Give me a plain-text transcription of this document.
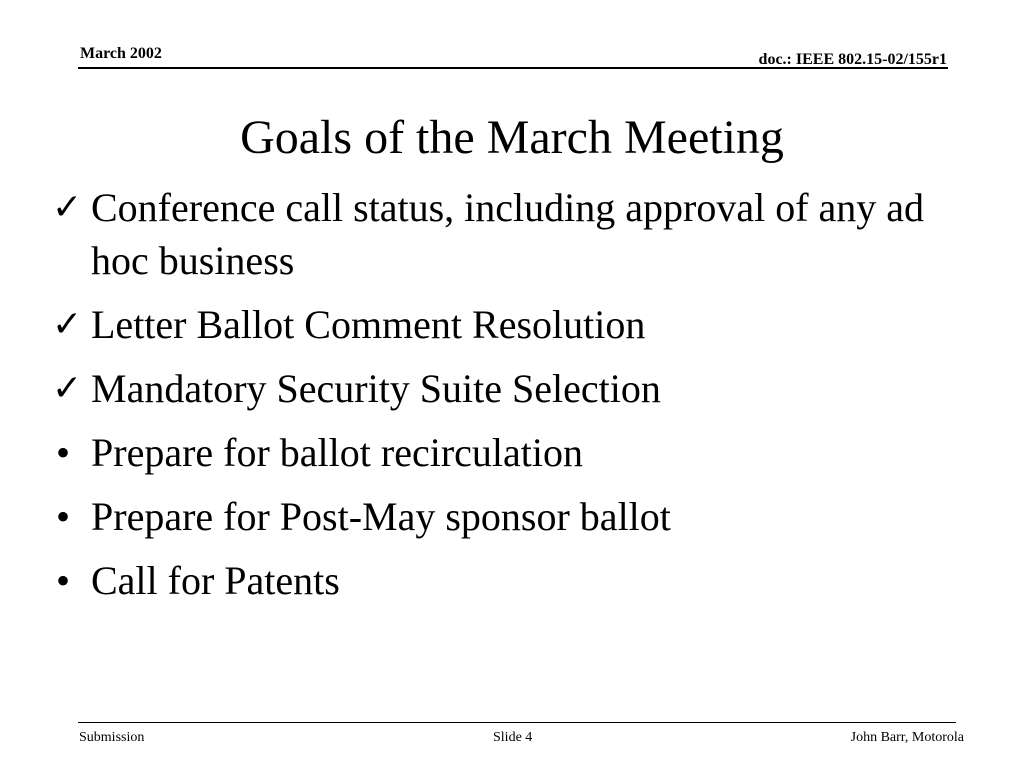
March 2002	doc.: IEEE 802.15-02/155r1
Goals of the March Meeting
✓ Conference call status, including approval of any ad hoc business
✓ Letter Ballot Comment Resolution
✓ Mandatory Security Suite Selection
• Prepare for ballot recirculation
• Prepare for Post-May sponsor ballot
• Call for Patents
Submission	Slide 4	John Barr, Motorola
